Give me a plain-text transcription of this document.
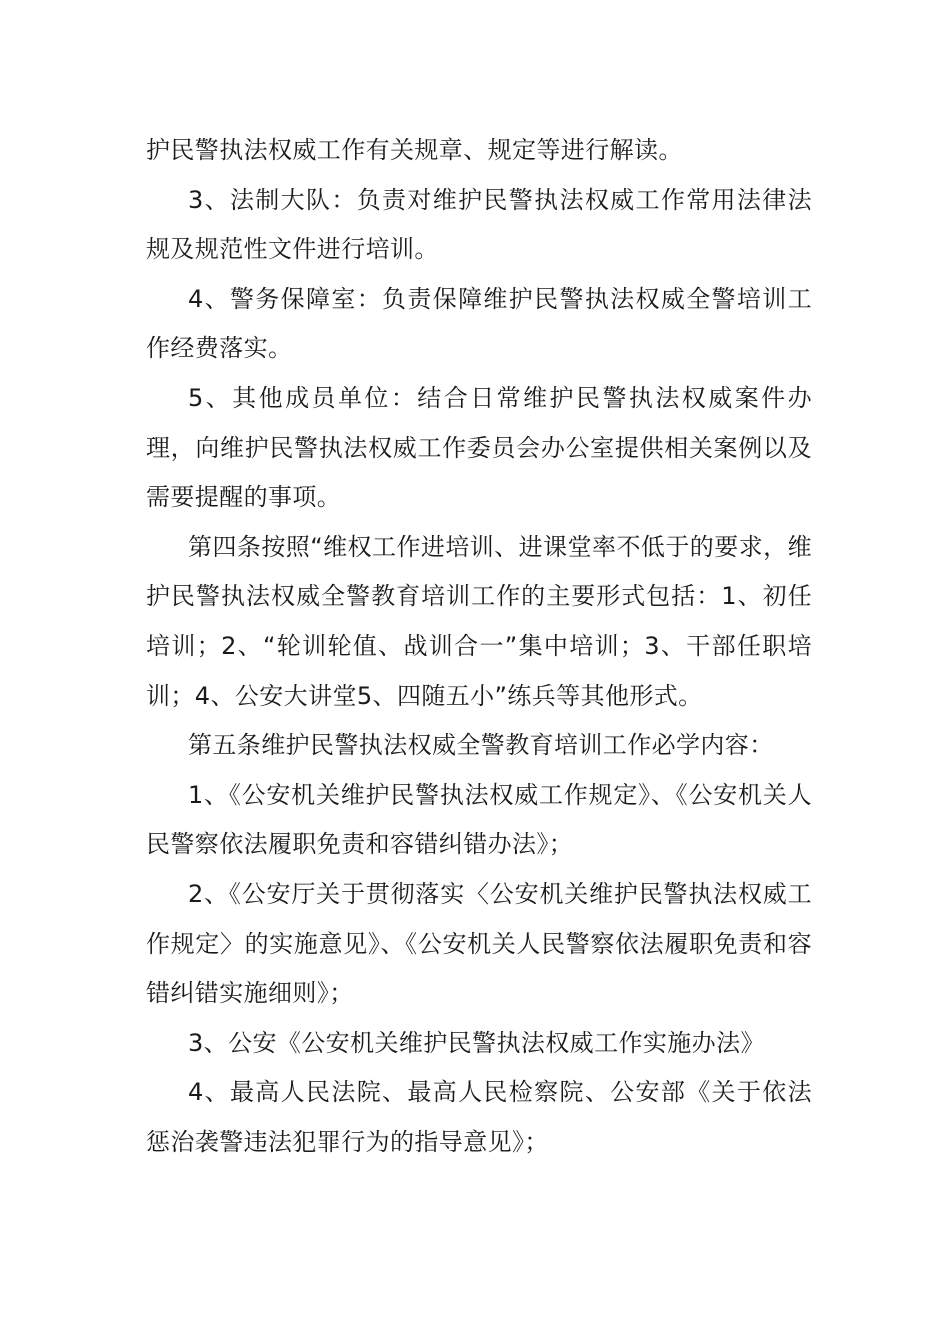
护民警执法权威工作有关规章、规定等进行解读。

3、法制大队：负责对维护民警执法权威工作常用法律法规及规范性文件进行培训。

4、警务保障室：负责保障维护民警执法权威全警培训工作经费落实。

5、其他成员单位：结合日常维护民警执法权威案件办理，向维护民警执法权威工作委员会办公室提供相关案例以及需要提醒的事项。

第四条按照“维权工作进培训、进课堂率不低于的要求，维护民警执法权威全警教育培训工作的主要形式包括：1、初任培训；2、“轮训轮值、战训合一”集中培训；3、干部任职培训；4、公安大讲堂5、四随五小”练兵等其他形式。

第五条维护民警执法权威全警教育培训工作必学内容：

1、《公安机关维护民警执法权威工作规定》、《公安机关人民警察依法履职免责和容错纠错办法》；

2、《公安厅关于贯彻落实〈公安机关维护民警执法权威工作规定〉的实施意见》、《公安机关人民警察依法履职免责和容错纠错实施细则》；

3、公安《公安机关维护民警执法权威工作实施办法》

4、最高人民法院、最高人民检察院、公安部《关于依法惩治袭警违法犯罪行为的指导意见》；
